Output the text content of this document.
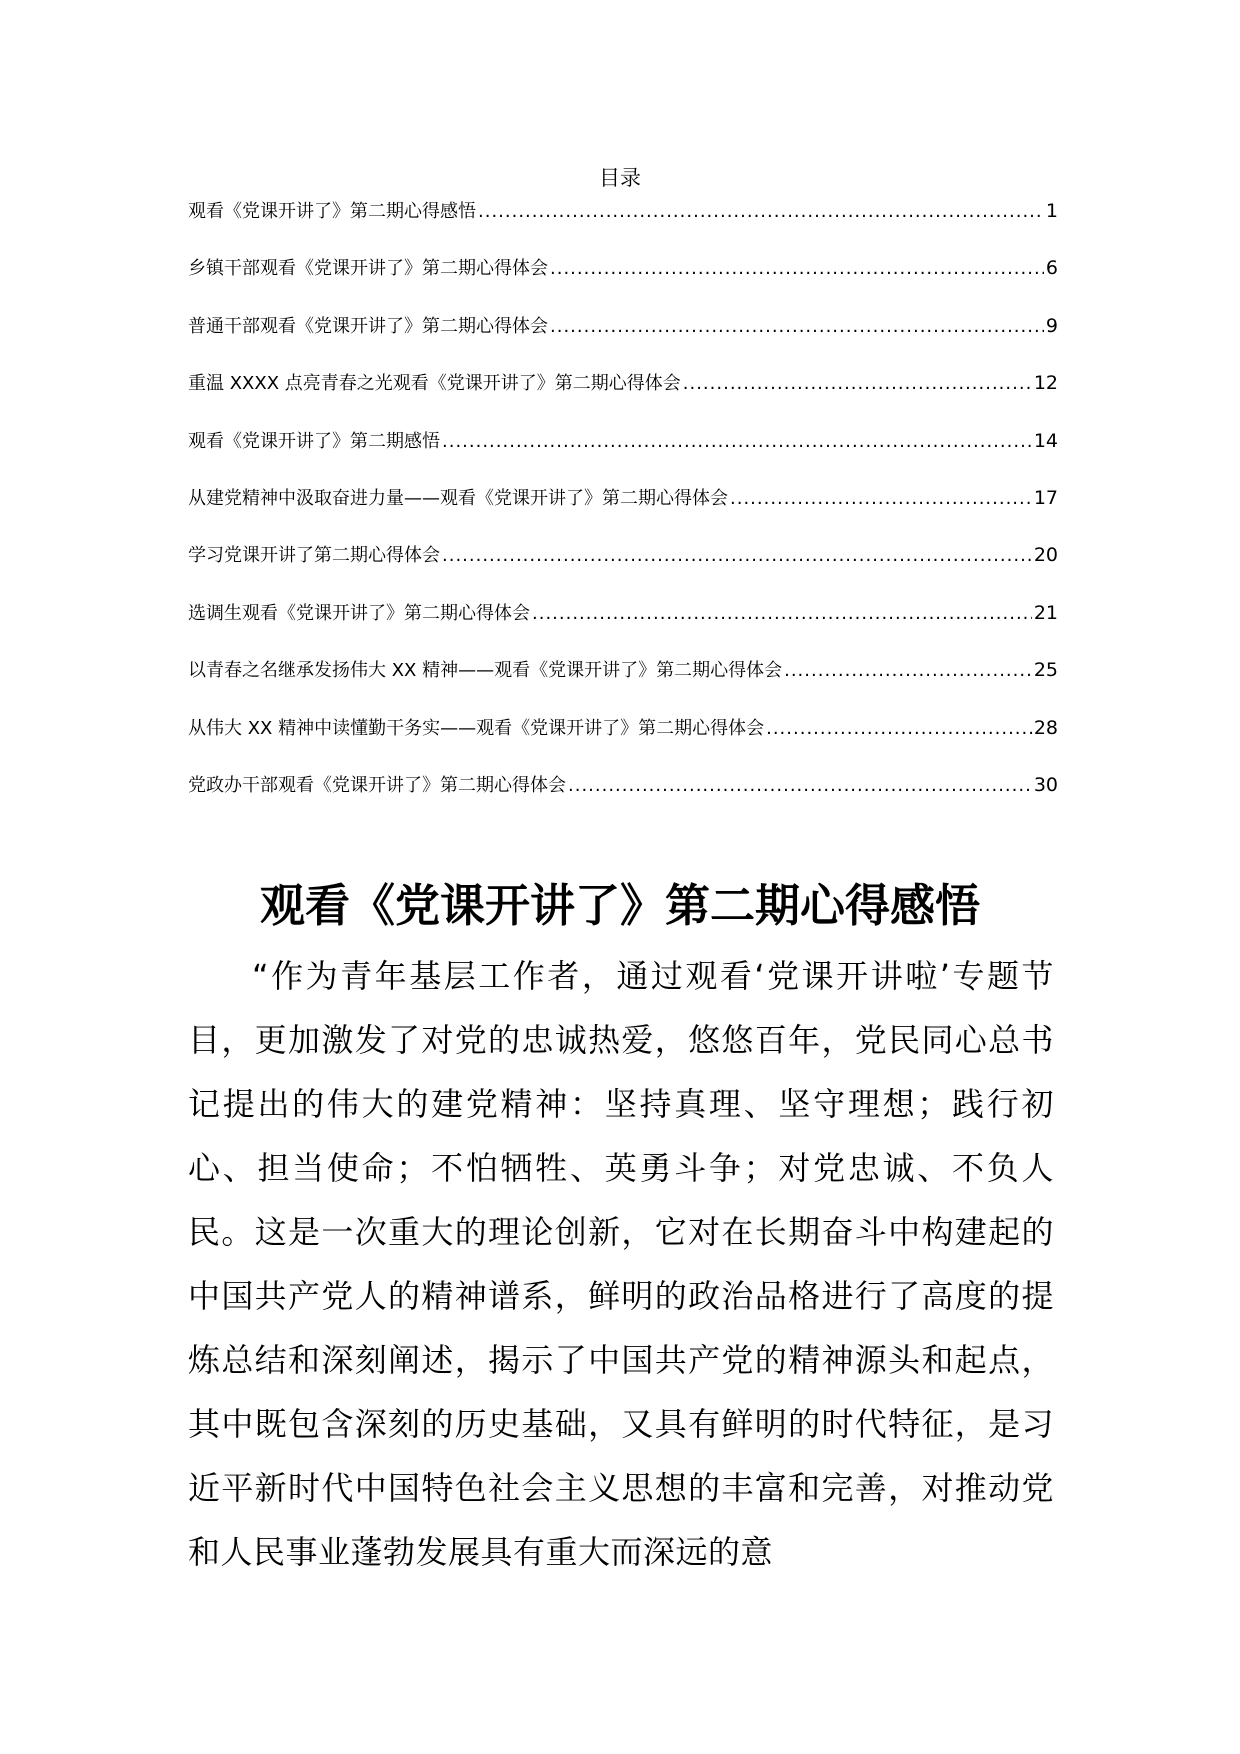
目录
观看《党课开讲了》第二期心得感悟 .....	1
乡镇干部观看《党课开讲了》第二期心得体会 .....	6
普通干部观看《党课开讲了》第二期心得体会 .....	9
重温 XXXX 点亮青春之光观看《党课开讲了》第二期心得体会 .....	12
观看《党课开讲了》第二期感悟 .....	14
从建党精神中汲取奋进力量——观看《党课开讲了》第二期心得体会 .....	17
学习党课开讲了第二期心得体会 .....	20
选调生观看《党课开讲了》第二期心得体会 .....	21
以青春之名继承发扬伟大 XX 精神——观看《党课开讲了》第二期心得体会 .....	25
从伟大 XX 精神中读懂勤干务实——观看《党课开讲了》第二期心得体会 .....	28
党政办干部观看《党课开讲了》第二期心得体会 .....	30
观看《党课开讲了》第二期心得感悟

“作为青年基层工作者，通过观看‘党课开讲啦’专题节目，更加激发了对党的忠诚热爱，悠悠百年，党民同心总书记提出的伟大的建党精神：坚持真理、坚守理想；践行初心、担当使命；不怕牺牲、英勇斗争；对党忠诚、不负人民。这是一次重大的理论创新，它对在长期奋斗中构建起的中国共产党人的精神谱系，鲜明的政治品格进行了高度的提炼总结和深刻阐述，揭示了中国共产党的精神源头和起点，其中既包含深刻的历史基础，又具有鲜明的时代特征，是习近平新时代中国特色社会主义思想的丰富和完善，对推动党和人民事业蓬勃发展具有重大而深远的意
